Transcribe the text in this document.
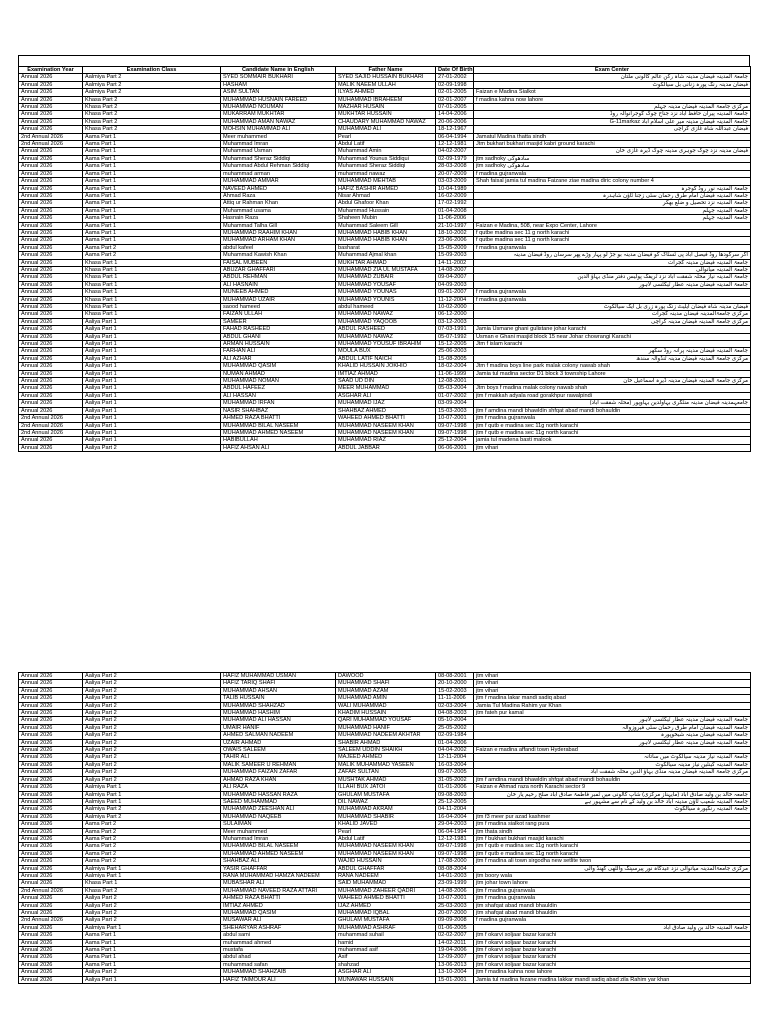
Examination Year	Examination Class	Candidate Name in English	Father Name	Date Of Birth	Exam Center
Annual 2026	Aalmiya Part 2	SYED SOMMAIR BUKHARI	SYED SAJID HUSSAIN BUKHARI	27-01-2002	جامعۃ المدینہ فیضان مدینہ شاہ رکن عالم کالونی ملتان
Annual 2026	Aalmiya Part 2	HASHAM	MALIK NAEEM ULLAH	02-09-1998	فیضان مدینہ رنگ پورہ زنانی بل سیالکوٹ
Annual 2026	Aalmiya Part 2	ASIM SULTAN	ILYAS AHMED	02-01-2005	Faizan e Madina Sialkot
Annual 2026	Khasa Part 2	MUHAMMAD HUSNAIN FAREED	MUHAMMAD IBRAHEEM	02-01-2007	f madina kahna now lahore
Annual 2026	Khasa Part 2	MUHAMMAD NOUMAN	MAZHAR HUSAIN	07-01-2005	مرکزی جامعۃ المدینہ فیضان مدینہ جہلم
Annual 2026	Khasa Part 2	MUKARRAM MUKHTAR	MUKHTAR HUSSAIN	14-04-2006	جامعۃ المدینہ پیران حافظ آباد نزد جناح چوک گوجرانوالہ روڈ
Annual 2026	Khasa Part 2	MUHAMMAD AMAN NAWAZ	CHAUDARY MUHAMMAD NAWAZ	20-06-2006	جامعۃ المدینہ فیضان مدینہ میر علی اسلام آباد G-11markaz
Annual 2026	Khasa Part 2	MOHSIN MUHAMMAD ALI	MUHAMMAD ALI	18-12-1967	فیضان عبداللہ شاہ غازی کراچی
2nd Annual 2026	Aama Part 1	Meer muhammed	Pearl	06-04-1994	Jamatul Madina thatta sindh
2nd Annual 2026	Aama Part 1	Muhammad Imran	Abdul Latif	12-12-1981	Jtm bukhari bukhari masjid kabri ground karachi
Annual 2026	Aama Part 1	Muhammad Usman	Muhammad Amin	04-02-2007	فیضان مدینہ نزد چوک جوہری مدینہ چوک ڈیرہ غازی خان
Annual 2026	Aama Part 1	Muhammad Sheraz Siddiqi	Muhammad Younus Siddiqui	02-09-1979	jtm sadhoky سادھوکی
Annual 2026	Aama Part 1	Muhammad Abdul Rehman Siddiqi	Muhammad Sheraz Siddiqi	28-03-2008	jtm sadhoky سادھوکی
Annual 2026	Aama Part 1	muhammad arman	muhammad nawaz	20-07-2009	f madina gujranwala
Annual 2026	Aama Part 1	MUHAMMAD AMMAR	MUHAMMAD MEHTAB	03-03-2009	Shah faisal jamia tul madina Faizane ziae madina diric colony number 4
Annual 2026	Aama Part 1	NAVEED AHMED	HAFIZ BASHIR AHMED	10-04-1989	جامعۃ المدینہ نور روڈ گوجرہ
Annual 2026	Aama Part 1	Ahmad Raza	Nisar Ahmad	16-02-2009	جامعۃ المدینہ فیضان امام طرق رحمان سٹی زجنا ٹاؤن شاہدرہ
Annual 2026	Aama Part 1	Attiq ur Rahman Khan	Abdul Ghafoor Khan	17-02-1992	جامعۃ المدینہ نزد تحصیل و ضلع بھکر
Annual 2026	Aama Part 1	Muhammad usama	Muhammad Hussain	01-04-2008	جامعۃ المدینہ جہلم
Annual 2026	Aama Part 1	Hasnain Raza	Shaheen Mubin	11-06-2006	جامعۃ المدینہ جہلم
Annual 2026	Aama Part 1	Muhammad Talha Gill	Muhammad Saleem Gill	21-10-1997	Faizan e Madina, 508, near Expo Center, Lahore
Annual 2026	Aama Part 1	MUHAMMAD RAAHIM KHAN	MUHAMMAD HABIB KHAN	18-10-2002	f qutbe madina sec 11 g north karachi
Annual 2026	Aama Part 1	MUHAMMAD ARHAM KHAN	MUHAMMAD HABIB KHAN	23-06-2006	f qutbe madina sec 11 g north karachi
Annual 2026	Aama Part 2	abdul kafeel	basharat	15-05-2009	f madina gujranwala
Annual 2026	Aama Part 2	Muhammad Kawish Khan	Muhammad Ajmal khan	15-09-2003	اگر سرگودھا روڈ فیصل آباد پی ٹسٹاک کو فیضان مدینہ بو جڑ لو پہار وڑے پھر سرسان روڈ فیضان مدینہ
Annual 2026	Khasa Part 1	FAISAL MUBEEN	MUKHTAR AHMAD	14-11-2002	جامعۃ المدینہ فیضان مدینہ گجرات
Annual 2026	Khasa Part 1	ABUZAR GHAFFARI	MUHAMMAD ZIA UL MUSTAFA	14-08-2007	جامعۃ المدینہ میانوالی
Annual 2026	Khasa Part 1	ABDUL REHMAN	MUHAMMAD ZUBAIR	09-04-2007	جامعۃ المدینہ نیاز محلہ شفقت آباد نزد ٹریفک پولیس دفتر منڈی بہاؤ الدین
Annual 2026	Khasa Part 1	ALI HASNAIN	MUHAMMAD YOUSAF	04-09-2003	جامعۃ المدینہ فیضان مدینہ عطار ٹیکٹسی لاہور
Annual 2026	Khasa Part 1	MUNEEB AHMED	MUHAMMAD YOUNAS	09-01-2007	f madina gujranwala
Annual 2026	Khasa Part 1	MUHAMMAD UZAIR	MUHAMMAD YOUNIS	11-12-2004	f madina gujranwala
Annual 2026	Khasa Part 1	saood hameed	abdul hameed	10-02-2000	فیضان مدینہ شاہ فیضان ایلیٹ زنگ پورہ زری بل ایک سیالکوٹ
Annual 2026	Khasa Part 1	FAIZAN ULLAH	MUHAMMAD NAWAZ	06-12-2000	مرکزی جامعۃالمدینہ فیضان مدینہ گجرات
Annual 2026	Aaliya Part 1	SAMEER	MUHAMMAD YAQOOB	03-12-2003	مرکزی جامعۃ المدینہ فیضان مدینہ کراچی
Annual 2026	Aaliya Part 1	FAHAD RASHEED	ABDUL RASHEED	07-03-1991	Jamia Usmane ghani gulistane johar karachi
Annual 2026	Aaliya Part 1	ABDUL GHANI	MUHAMMAD NAWAZ	05-07-1992	Usman e Ghani masjid block 15 near Johar chowrangi Karachi
Annual 2026	Aaliya Part 1	ARMAN HUSSAIN	MUHAMMAD YOUSUF IBRAHIM	15-12-2005	Jtm f islam karachi
Annual 2026	Aaliya Part 1	FARHAN ALI	MOULA BUX	25-06-2003	جامعۃ المدینہ فیضان مدینہ پرانہ روڈ سکھر
Annual 2026	Aaliya Part 1	ALI AZHAR	ABDUL LATIF NAICH	15-08-2005	مرکزی جامعۃ المدینہ فیضان مدینہ ٹنڈوالہ سندھ
Annual 2026	Aaliya Part 1	MUHAMMAD QASIM	KHALID HUSSAIN JOKHIO	18-02-2004	Jtm f madina boys line park malak colony nawab shah
Annual 2026	Aaliya Part 1	NUMAN AHMAD	IMTIAZ AHMAD	11-06-1999	Jamia tul madina sector D1 block 3 township Lahore
Annual 2026	Aaliya Part 1	MUHAMMAD NOMAN	SAAD UD DIN	12-08-2001	مرکزی جامعۃ المدینہ فیضان مدینہ ڈیرہ اسماعیل خان
Annual 2026	Aaliya Part 1	ABDUL HAFEEZ	MEER MUHAMMAD	05-03-2004	Jtm boys f madina malak colony nawab shah
Annual 2026	Aaliya Part 1	ALI HASSAN	ASGHAR ALI	01-07-2002	jtm f makkah adyala road gorakhpur rawalpindi
Annual 2026	Aaliya Part 1	MUHAMMAD IRFAN	MUHAMMAD IJAZ	03-09-2004	جامعہمدینہ فیضان مدینہ منٹگری بہاولدین بہاوپور (محلہ شفقت آباد)
Annual 2026	Aaliya Part 1	NASIR SHAHBAZ	SHAHBAZ AHMED	15-03-2003	jtm f amdina mandi bhawldin shfqat abad mandi bohauldin
2nd Annual 2026	Aaliya Part 1	AHMED RAZA BHATTI	WAHEED AHMED BHATTI	10-07-2001	jtm f madina gujranwala
2nd Annual 2026	Aaliya Part 1	MUHAMMAD BILAL NASEEM	MUHAMMAD NASEEM KHAN	09-07-1998	jtm f qutb e madina sec 11g north karachi
2nd Annual 2026	Aaliya Part 1	MUHAMMAD AHMED NASEEM	MUHAMMAD NASEEM KHAN	09-07-1998	jtm f qutb e madina sec 11g north karachi
Annual 2026	Aaliya Part 1	HABIBULLAH	MUHAMMAD RIAZ	25-12-2004	jamia tul madena basti malook
Annual 2026	Aaliya Part 2	HAFIZ AHSAN ALI	ABDUL JABBAR	06-06-2001	jtm vihari
Annual 2026	Aaliya Part 2	HAFIZ MUHAMMAD USMAN	DAWOOD	08-08-2001	jtm vihari
Annual 2026	Aaliya Part 2	HAFIZ TARIQ SHAFI	MUHAMMAD SHAFI	20-10-2000	jtm vihari
Annual 2026	Aaliya Part 2	MUHAMMAD AHSAN	MUHAMMAD AZAM	15-02-2003	jtm vihari
Annual 2026	Aaliya Part 2	TALIB HUSSAIN	MUHAMMAD AMIN	11-11-2006	jtm f madina lakar mandi sadiq abad
Annual 2026	Aaliya Part 2	MUHAMMAD SHAHZAD	WALI MUHAMMAD	02-03-2004	Jamia Tul Madina Rahim yar Khan
Annual 2026	Aaliya Part 2	MUHAMMAD HASHIM	KHADIM HUSSAIN	04-08-2003	jtm fateh pur kamal
Annual 2026	Aaliya Part 2	MUHAMMAD ALI HASSAN	QARI MUHAMMAD YOUSAF	05-10-2004	جامعۃ المدینہ فیضان مدینہ عطار ٹیکٹسی لاہور
Annual 2026	Aaliya Part 2	UMAIR HANIF	MUHAMMAD HANIF	25-05-2002	جامعۃ المدینہ فیضان امام طرق رحمان سٹی فیروزوالہ
Annual 2026	Aaliya Part 2	AHMED SALMAN NADEEM	MUHAMMAD NADEEM AKHTAR	02-09-1984	جامعۃ المدینہ فیضان مدینہ شیخوپورہ
Annual 2026	Aaliya Part 2	UZAIR AHMAD	SHABIR AHMAD	01-04-2006	جامعۃ المدینہ فیضان مدینہ عطار ٹیکٹسی لاہور
Annual 2026	Aaliya Part 2	OWAIS SALEEM	SALEEM UDDIN SHAIKH	04-04-2002	Faizan e madina affandi town Hyderabad
Annual 2026	Aaliya Part 2	TAHIR ALI	MAJEED AHMED	12-11-2004	جامعۃ المدینہ نیاز مدینہ سیالکوٹ میں ساتانہ
Annual 2026	Aaliya Part 2	MALIK SAMEER U REHMAN	MALIK MUHAMMAD YASEEN	16-03-2004	جامعۃ المدینہ کینٹین نیاز مدینہ سیالکوٹ
Annual 2026	Aaliya Part 2	MUHAMMAD FAIZAN ZAFAR	ZAFAR SULTAN	09-07-2005	مرکزی جامعۃ المدینہ فیضان مدینہ منڈی بہاؤ الدین محلہ شفقت آباد
Annual 2026	Aaliya Part 2	AHMAD RAZA KHAN	MUSHTAK AHMAD	31-05-2002	jtm f amdina mandi bhawldin shfqat abad mandi bohauldin
Annual 2026	Aalmiya Part 1	ALI RAZA	ILLAHI BUX JATOI	01-01-2006	Faizan e Ahmad raza north Karachi sector 9
Annual 2026	Aalmiya Part 1	MUHAMMAD HASSAN RAZA	GHULAM MUSTAFA	09-08-2003	جامعہ خالد بن ولید صادق آباد (مایہناز مرکزی) شاپ کالونی میں ٹمبر فاطمۃ صادق آباد صلح رحیم یار خان
Annual 2026	Aalmiya Part 1	SAEED MUHAMMAD	DIL NAWAZ	25-12-2005	جامعۃ المدینہ شعیب ٹاؤن مدینہ آباد خالد بن ولید کے نام سے مشہور ہے
Annual 2026	Aalmiya Part 2	MUHAMMAD ZEESHAN ALI	MUHAMMAD AKRAM	04-11-2004	جامعۃ المدینہ رنگپورہ سیالکوٹ
Annual 2026	Aalmiya Part 2	MUHAMMAD NAQEEB	MUHAMMAD SHABIR	16-04-2004	jtm f3 meer pur azad kashmer
Annual 2026	Aama Part 2	SULAIMAN	KHALID JAVED	29-04-2003	jtm f madina sialkot rang pura
Annual 2026	Aama Part 2	Meer muhammed	Pearl	06-04-1994	jtm thata sindh
Annual 2026	Aama Part 2	Muhammad Imran	Abdul Latif	12-12-1981	jtm f bukhari bukhari masjid karachi
Annual 2026	Aama Part 2	MUHAMMAD BILAL NASEEM	MUHAMMAD NASEEM KHAN	09-07-1998	jtm f qutb e madina sec 11g north karachi
Annual 2026	Aama Part 2	MUHAMMAD AHMED NASEEM	MUHAMMAD NASEEM KHAN	09-07-1998	jtm f qutb e madina sec 11g north karachi
Annual 2026	Aama Part 2	SHAHBAZ ALI	WAJID HUSSAIN	17-08-2000	jtm f madina ali town sirgodha new setlite twon
Annual 2026	Aalmiya Part 1	YASIR GHAFFAR	ABDUL GHAFFAR	08-08-2004	مرکزی جامعۃالمدینہ میانوالی نزد عیدگاہ نور پیرسپنگ والٹھی گھنڈ والی
Annual 2026	Aalmiya Part 1	RANA MUHAMMAD HAMZA NADEEM	RANA NADEEM	14-01-2003	jtm boory wala
Annual 2026	Khasa Part 1	MUBASHAR ALI	SAID MUHAMMAD	23-09-1999	jtm johar town lahore
2nd Annual 2026	Khasa Part 2	MUHAMMAD NAVEED RAZA ATTARI	MUHAMMAD ZAHEER QADRI	14-08-2006	jtm f madina gujranwala
Annual 2026	Aaliya Part 2	AHMED RAZA BHATTI	WAHEED AHMED BHATTI	10-07-2001	jtm f madina gujranwala
Annual 2026	Aaliya Part 2	IMTIAZ AHMED	IJAZ AHMED	25-03-2003	jtm shafqat abad mandi bhauldin
Annual 2026	Aaliya Part 2	MUHAMMAD QASIM	MUHAMMAD IQBAL	20-07-2000	jtm shafqat abad mandi bhauldin
2nd Annual 2026	Aaliya Part 2	MUSAWAR ALI	GHULAM MUSTAFA	09-09-2008	f madina gujranwala
Annual 2026	Aalmiya Part 1	SHEHARYAR ASHRAF	MUHAMMAD ASHRAF	01-06-2005	جامعۃ المدینہ خالد بن ولید صادق آباد
Annual 2026	Aama Part 1	abdul sami	muhammad suhail	02-02-2007	jtm f okarvi soljaar bazar karachi
Annual 2026	Aama Part 1	muhammad ahmed	hamid	14-02-2011	jtm f okarvi soljaar bazar karachi
Annual 2026	Aama Part 1	mustafa	muhammad asif	19-04-2006	jtm f okarvi soljaar bazar karachi
Annual 2026	Aama Part 1	abdul ahad	Asif	12-09-2007	jtm f okarvi soljaar bazar karachi
Annual 2026	Aama Part 1	muhammad safan	shahzad	13-06-2013	jtm f okarvi soljaar bazar karachi
Annual 2026	Aaliya Part 2	MUHAMMAD SHAHZAIB	ASGHAR ALI	13-10-2004	jtm f madina kahna now lahore
Annual 2026	Aaliya Part 1	HAFIZ TAIMOUR ALI	MUNAWAR HUSSAIN	15-01-2001	Jamia tul madina fezane madina lakkar mandi sadiq abad zila Rahim yar khan
